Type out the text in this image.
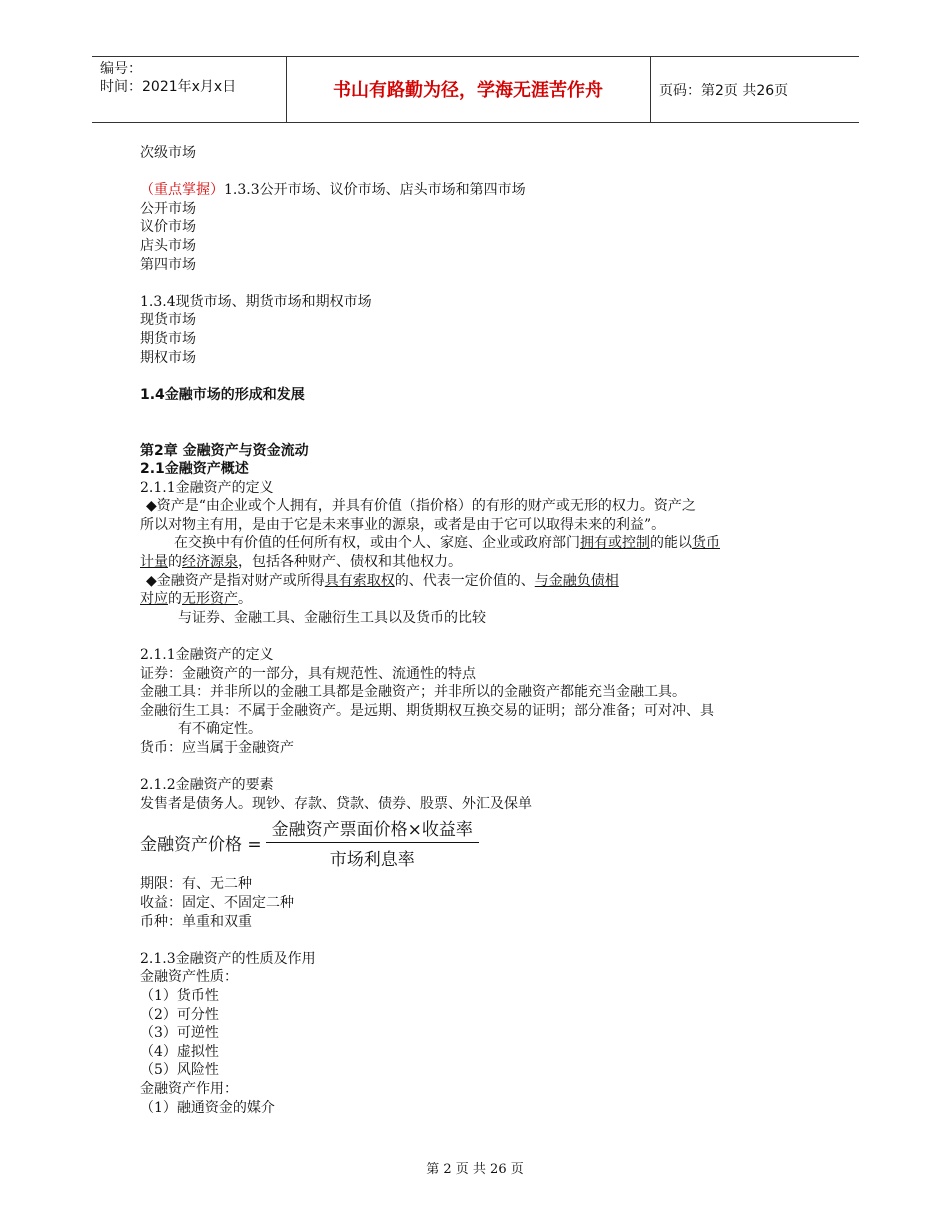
编号：
时间：2021年x月x日	书山有路勤为径，学海无涯苦作舟	页码：第2页 共26页
次级市场
（重点掌握）1.3.3公开市场、议价市场、店头市场和第四市场
公开市场
议价市场
店头市场
第四市场
1.3.4现货市场、期货市场和期权市场
现货市场
期货市场
期权市场
1.4金融市场的形成和发展
第2章 金融资产与资金流动
2.1金融资产概述
2.1.1金融资产的定义
◆资产是“由企业或个人拥有，并具有价值（指价格）的有形的财产或无形的权力。资产之
所以对物主有用，是由于它是未来事业的源泉，或者是由于它可以取得未来的利益”。
在交换中有价值的任何所有权，或由个人、家庭、企业或政府部门拥有或控制的能以货币
计量的经济源泉，包括各种财产、债权和其他权力。
◆金融资产是指对财产或所得具有索取权的、代表一定价值的、与金融负债相
对应的无形资产。
与证券、金融工具、金融衍生工具以及货币的比较
2.1.1金融资产的定义
证券：金融资产的一部分，具有规范性、流通性的特点
金融工具：并非所以的金融工具都是金融资产；并非所以的金融资产都能充当金融工具。
金融衍生工具：不属于金融资产。是远期、期货期权互换交易的证明；部分准备；可对冲、具
有不确定性。
货币：应当属于金融资产
2.1.2金融资产的要素
发售者是债务人。现钞、存款、贷款、债券、股票、外汇及保单
金融资产价格 = $\frac{\text{金融资产票面价格×收益率}}{\text{市场利息率}}$
期限：有、无二种
收益：固定、不固定二种
币种：单重和双重
2.1.3金融资产的性质及作用
金融资产性质：
（1）货币性
（2）可分性
（3）可逆性
（4）虚拟性
（5）风险性
金融资产作用：
（1）融通资金的媒介
第 2 页 共 26 页
